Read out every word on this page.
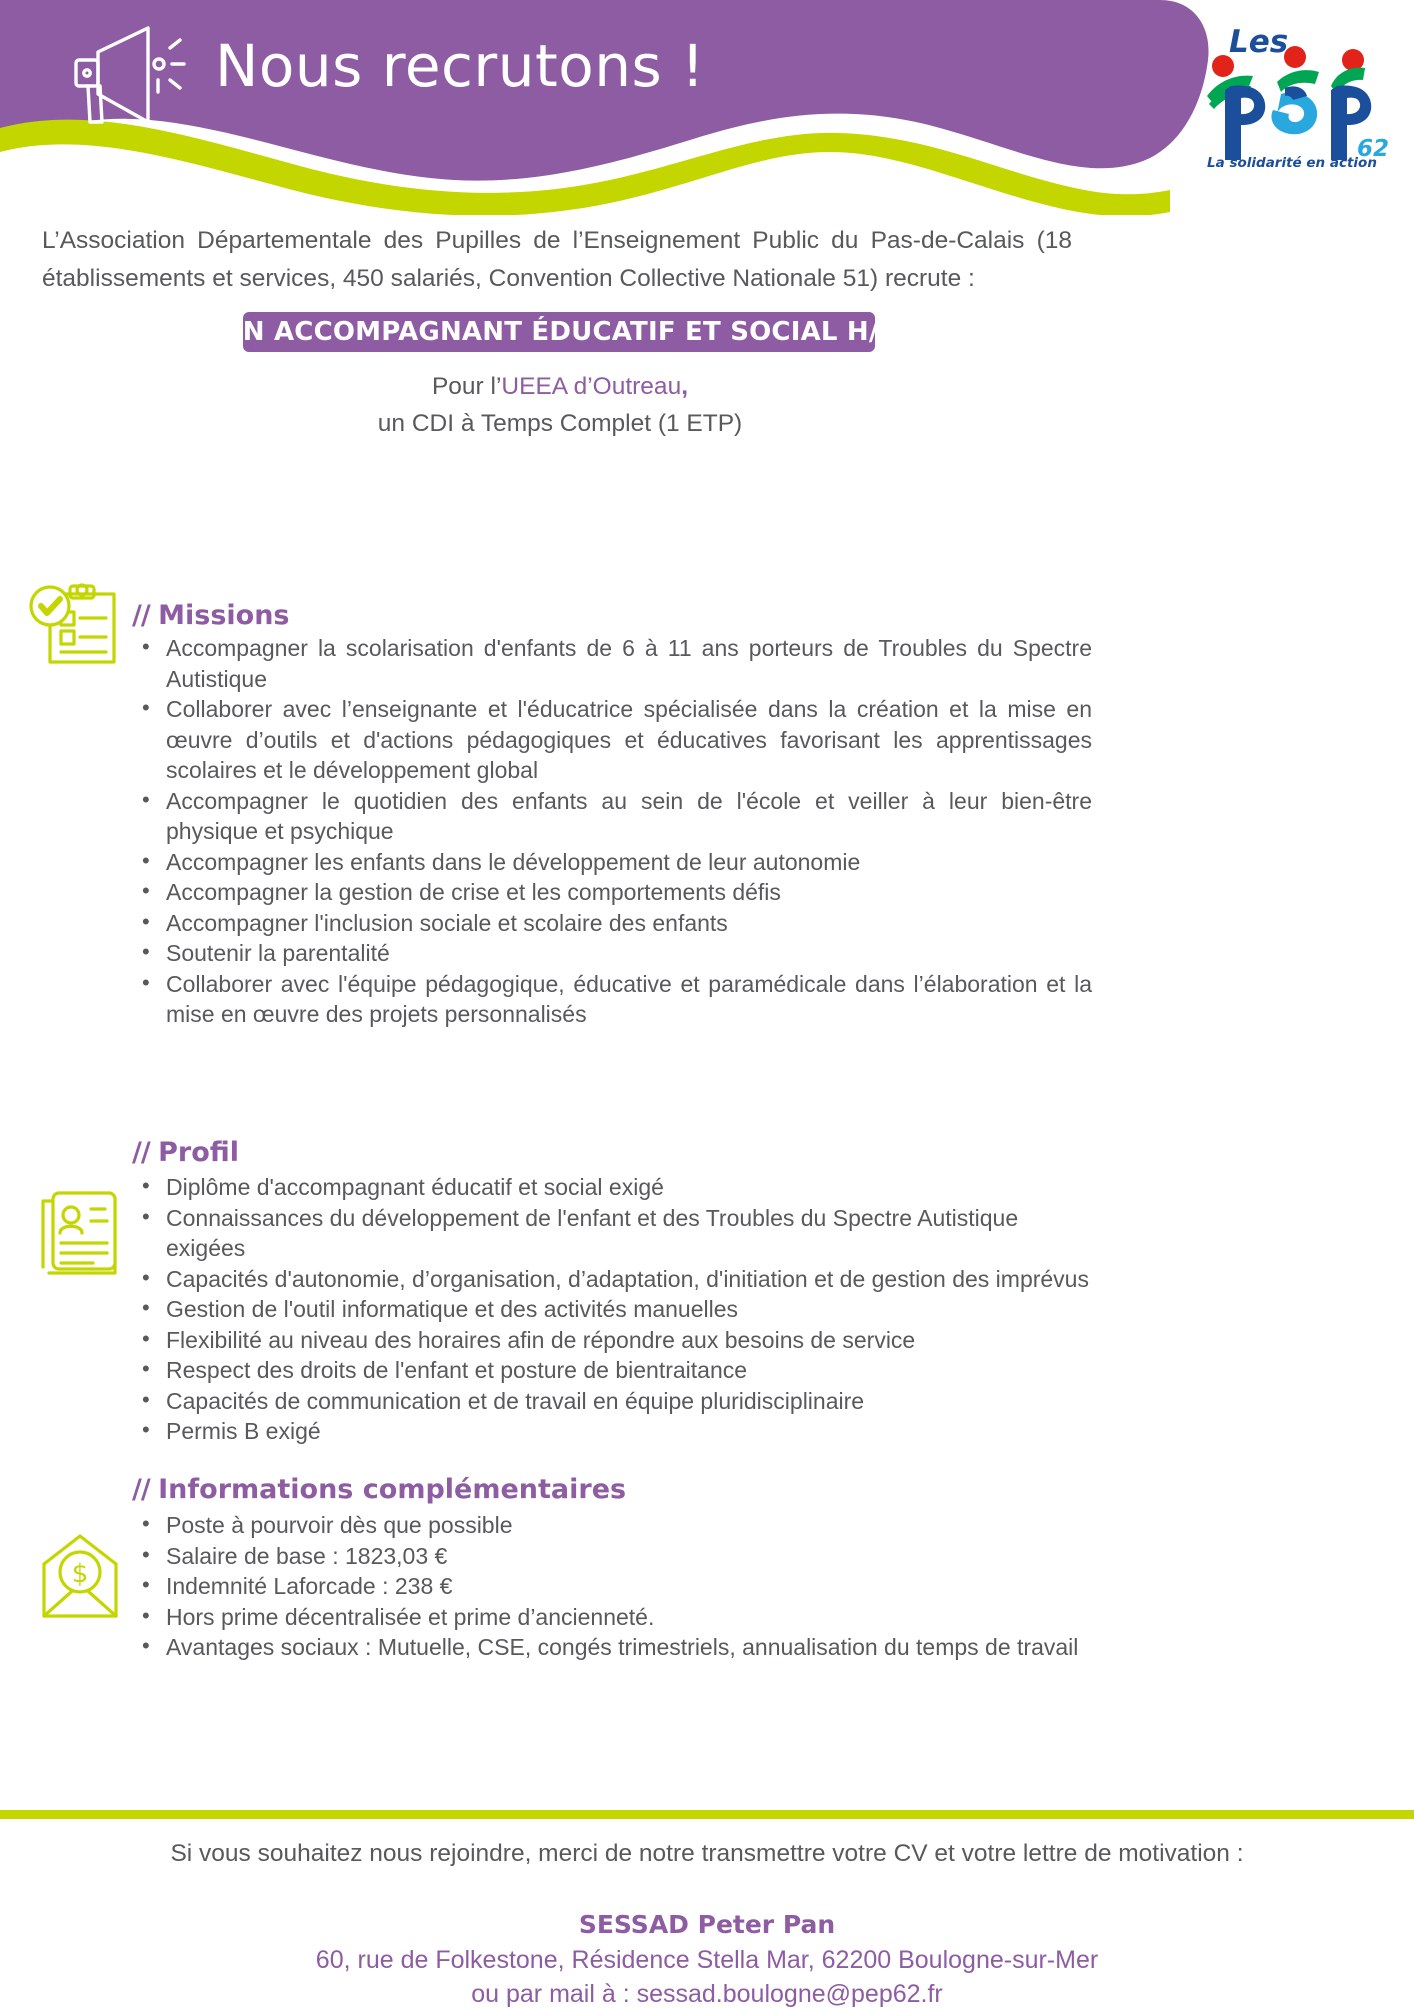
Nous recrutons !	Les
62
La solidarité en action
L’Association Départementale des Pupilles de l’Enseignement Public du Pas-de-Calais (18 établissements et services, 450 salariés, Convention Collective Nationale 51) recrute :
UN ACCOMPAGNANT ÉDUCATIF ET SOCIAL H/F
Pour l’UEEA d’Outreau,
un CDI à Temps Complet (1 ETP)
// Missions
• Accompagner la scolarisation d'enfants de 6 à 11 ans porteurs de Troubles du Spectre Autistique
• Collaborer avec l’enseignante et l'éducatrice spécialisée dans la création et la mise en œuvre d’outils et d'actions pédagogiques et éducatives favorisant les apprentissages scolaires et le développement global
• Accompagner le quotidien des enfants au sein de l'école et veiller à leur bien-être physique et psychique
• Accompagner les enfants dans le développement de leur autonomie
• Accompagner la gestion de crise et les comportements défis
• Accompagner l'inclusion sociale et scolaire des enfants
• Soutenir la parentalité
• Collaborer avec l'équipe pédagogique, éducative et paramédicale dans l’élaboration et la mise en œuvre des projets personnalisés
// Profil
• Diplôme d'accompagnant éducatif et social exigé
• Connaissances du développement de l'enfant et des Troubles du Spectre Autistique exigées
• Capacités d'autonomie, d’organisation, d’adaptation, d'initiation et de gestion des imprévus
• Gestion de l'outil informatique et des activités manuelles
• Flexibilité au niveau des horaires afin de répondre aux besoins de service
• Respect des droits de l'enfant et posture de bientraitance
• Capacités de communication et de travail en équipe pluridisciplinaire
• Permis B exigé
$
// Informations complémentaires
• Poste à pourvoir dès que possible
• Salaire de base : 1823,03 €
• Indemnité Laforcade : 238 €
• Hors prime décentralisée et prime d’ancienneté.
• Avantages sociaux : Mutuelle, CSE, congés trimestriels, annualisation du temps de travail
Si vous souhaitez nous rejoindre, merci de notre transmettre votre CV et votre lettre de motivation :
SESSAD Peter Pan
60, rue de Folkestone, Résidence Stella Mar, 62200 Boulogne-sur-Mer
ou par mail à : sessad.boulogne@pep62.fr
